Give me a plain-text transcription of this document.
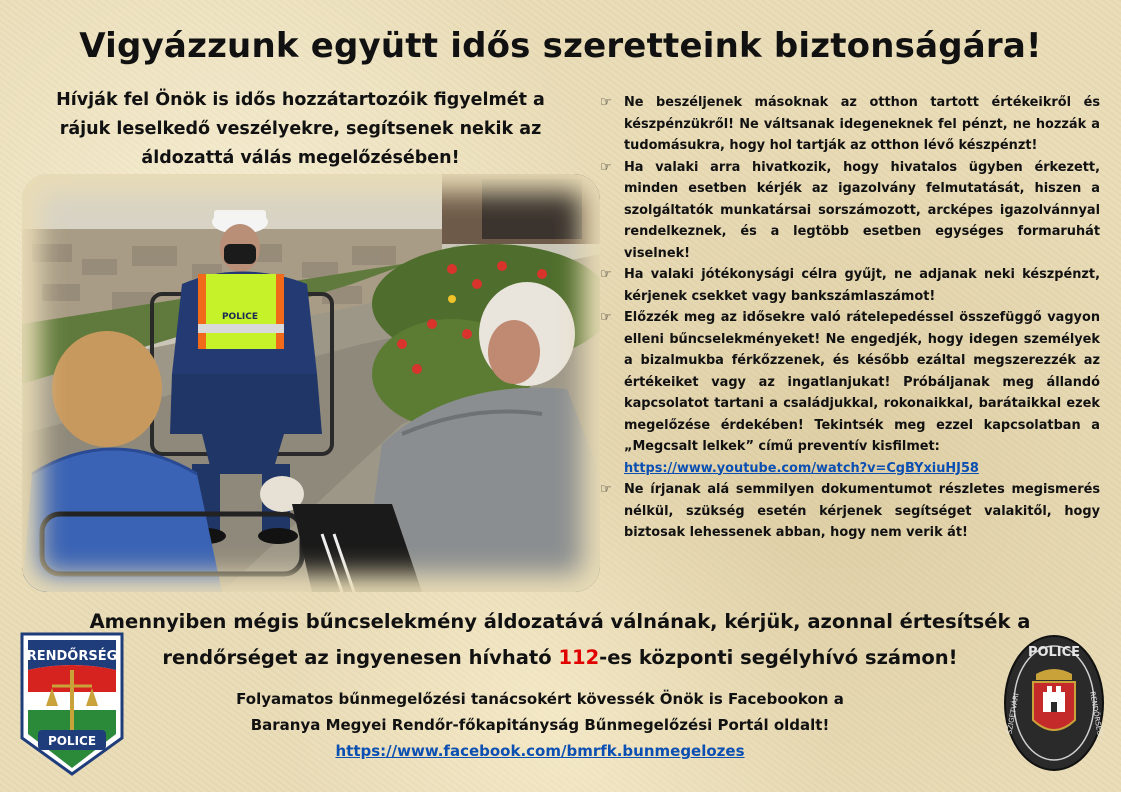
Vigyázzunk együtt idős szeretteink biztonságára!
Hívják fel Önök is idős hozzátartozóik figyelmét a
rájuk leselkedő veszélyekre, segítsenek nekik az
áldozattá válás megelőzésében!
POLICE
☞ Ne beszéljenek másoknak az otthon tartott értékeikről és készpénzükről! Ne váltsanak idegeneknek fel pénzt, ne hozzák a tudomásukra, hogy hol tartják az otthon lévő készpénzt!
☞ Ha valaki arra hivatkozik, hogy hivatalos ügyben érkezett, minden esetben kérjék az igazolvány felmutatását, hiszen a szolgáltatók munkatársai sorszámozott, arcképes igazolvánnyal rendelkeznek, és a legtöbb esetben egységes formaruhát viselnek!
☞ Ha valaki jótékonysági célra gyűjt, ne adjanak neki készpénzt, kérjenek csekket vagy bankszámlaszámot!
☞ Előzzék meg az idősekre való rátelepedéssel összefüggő vagyon elleni bűncselekményeket! Ne engedjék, hogy idegen személyek a bizalmukba férkőzzenek, és később ezáltal megszerezzék az értékeiket vagy az ingatlanjukat! Próbáljanak meg állandó kapcsolatot tartani a családjukkal, rokonaikkal, barátaikkal ezek megelőzése érdekében! Tekintsék meg ezzel kapcsolatban a „Megcsalt lelkek” című preventív kisfilmet:
https://www.youtube.com/watch?v=CgBYxiuHJ58
☞ Ne írjanak alá semmilyen dokumentumot részletes megismerés nélkül, szükség esetén kérjenek segítséget valakitől, hogy biztosak lehessenek abban, hogy nem verik át!
Amennyiben mégis bűncselekmény áldozatává válnának, kérjük, azonnal értesítsék a
rendőrséget az ingyenesen hívható 112-es központi segélyhívó számon!
Folyamatos bűnmegelőzési tanácsokért kövessék Önök is Facebookon a
Baranya Megyei Rendőr-főkapitányság Bűnmegelőzési Portál oldalt!
https://www.facebook.com/bmrfk.bunmegelozes
RENDŐRSÉG
POLICE
POLICE
SZIGETVÁRI	RENDŐRSÉG
